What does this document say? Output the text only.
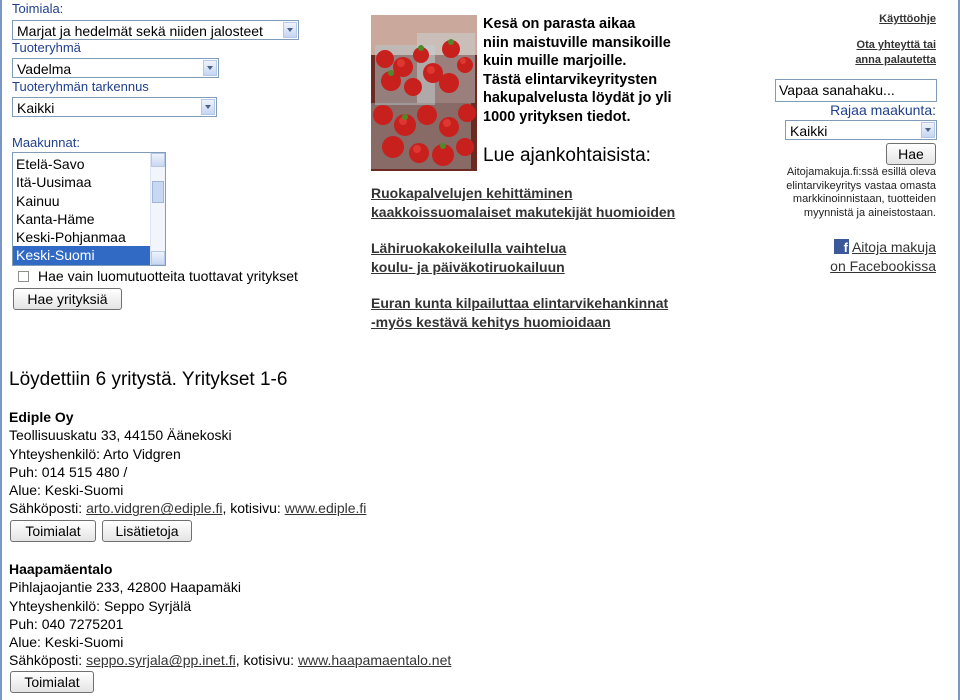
Toimiala:
Marjat ja hedelmät sekä niiden jalosteet
Tuoteryhmä
Vadelma
Tuoteryhmän tarkennus
Kaikki
Maakunnat:
Etelä-Savo
Itä-Uusimaa
Kainuu
Kanta-Häme
Keski-Pohjanmaa
Keski-Suomi
Hae vain luomutuotteita tuottavat yritykset
Hae yrityksiä
Kesä on parasta aikaa
niin maistuville mansikoille
kuin muille marjoille.
Tästä elintarvikeyritysten
hakupalvelusta löydät jo yli
1000 yrityksen tiedot.
Lue ajankohtaisista:
Ruokapalvelujen kehittäminen
kaakkoissuomalaiset makutekijät huomioiden
Lähiruokakokeilulla vaihtelua
koulu- ja päiväkotiruokailuun
Euran kunta kilpailuttaa elintarvikehankinnat
-myös kestävä kehitys huomioidaan
Käyttöohje
Ota yhteyttä tai
anna palautetta
Vapaa sanahaku...
Rajaa maakunta:
Kaikki
Hae
Aitojamakuja.fi:ssä esillä oleva
elintarvikeyritys vastaa omasta
markkinoinnistaan, tuotteiden
myynnistä ja aineistostaan.
f Aitoja makuja
on Facebookissa
Löydettiin 6 yritystä. Yritykset 1-6
Ediple Oy
Teollisuuskatu 33, 44150 Äänekoski
Yhteyshenkilö: Arto Vidgren
Puh: 014 515 480 /
Alue: Keski-Suomi
Sähköposti: arto.vidgren@ediple.fi, kotisivu: www.ediple.fi
Toimialat	Lisätietoja
Haapamäentalo
Pihlajaojantie 233, 42800 Haapamäki
Yhteyshenkilö: Seppo Syrjälä
Puh: 040 7275201
Alue: Keski-Suomi
Sähköposti: seppo.syrjala@pp.inet.fi, kotisivu: www.haapamaentalo.net
Toimialat
